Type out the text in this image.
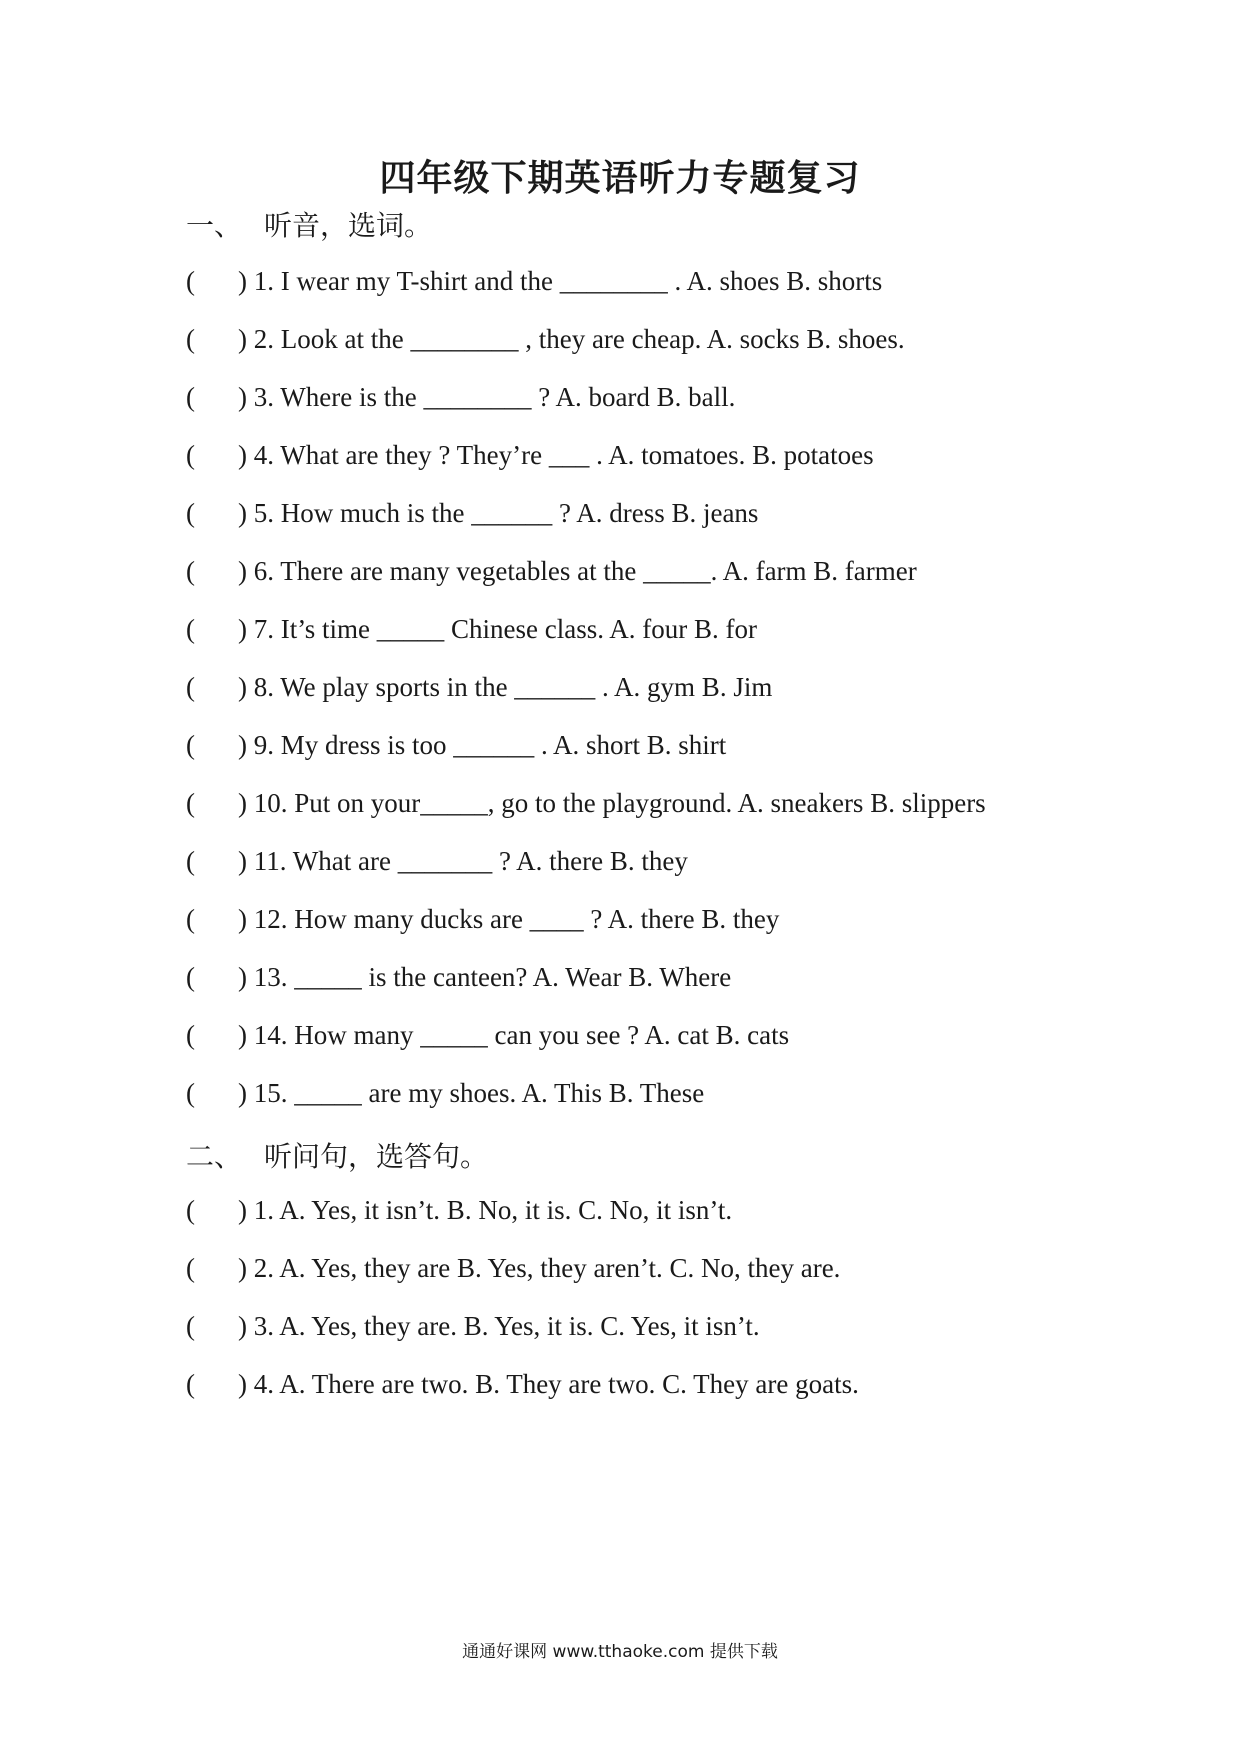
四年级下期英语听力专题复习
一、 听音，选词。
( ) 1. I wear my T-shirt and the ________ . A. shoes B. shorts
( ) 2. Look at the ________ , they are cheap. A. socks B. shoes.
( ) 3. Where is the ________ ? A. board B. ball.
( ) 4. What are they ? They’re ___ . A. tomatoes. B. potatoes
( ) 5. How much is the ______ ? A. dress B. jeans
( ) 6. There are many vegetables at the _____. A. farm B. farmer
( ) 7. It’s time _____ Chinese class. A. four B. for
( ) 8. We play sports in the ______ . A. gym B. Jim
( ) 9. My dress is too ______ . A. short B. shirt
( ) 10. Put on your_____, go to the playground. A. sneakers B. slippers
( ) 11. What are _______ ? A. there B. they
( ) 12. How many ducks are ____ ? A. there B. they
( ) 13. _____ is the canteen? A. Wear B. Where
( ) 14. How many _____ can you see ? A. cat B. cats
( ) 15. _____ are my shoes. A. This B. These
二、 听问句，选答句。
( ) 1. A. Yes, it isn’t. B. No, it is. C. No, it isn’t.
( ) 2. A. Yes, they are B. Yes, they aren’t. C. No, they are.
( ) 3. A. Yes, they are. B. Yes, it is. C. Yes, it isn’t.
( ) 4. A. There are two. B. They are two. C. They are goats.
通通好课网 www.tthaoke.com 提供下载
